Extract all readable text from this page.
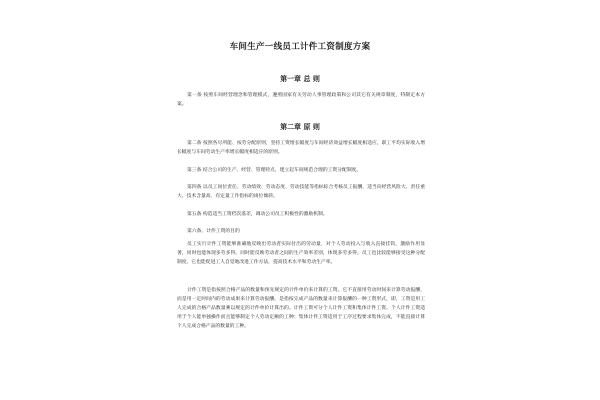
车间生产一线员工计件工资制度方案
第一章 总 则
第一条 按照车间经营理念和管理模式，遵照国家有关劳动人事管理政策和公司其它有关规章制度，特制定本方案。
第二章 原 则
第二条 按照各尽所能、按劳分配原则，坚持工资增长幅度与车间经济效益增长幅度相适应，职工平均实际收入增长幅度与车间劳动生产率增长幅度相适应的原则。
第三条 结合公司的生产、经营、管理特点，建立起车间规范合理的工资分配制度。
第四条 以员工岗位责任、劳动绩效、劳动态度、劳动技能等指标综合考核员工报酬，适当向经营风险大、责任重大、技术含量高、有定量工作指标的岗位倾斜。
第五条 构造适当工资档次落差，调动公司员工积极性的激励机制。
第六条、计件工资的目的
员工实行计件工资能够准确地反映出劳动者实际付出的劳动量，对个人劳动投入与收入直接挂钩，激励作用显著，同时也能体现多劳多得。同时能反映劳动者之间的生产效率差别，体现多劳多得。员工也比较能够接受这种分配制度，它也能促进工人自觉地改进工作方法，提高技术水平和劳动生产率。
计件工资是指按照合格产品的数量和预先规定的计件单价来计算的工资。它不直接用劳动时间来计算劳动报酬，而是用一定时间内的劳动成果来计算劳动报酬。是指按完成产品的数量来计算报酬的一种工资形式，即，工资是用工人完成的合格产品数量乘以规定的计件单价计算出的。计件工资可分个人计件工资和集体计件工资。个人计件工资适用于个人能单独操作而且能够制定个人劳动定额的工种；集体计件工资适用于工序过程要求集体完成，不能直接计算个人完成合格产品的数量的工种。
